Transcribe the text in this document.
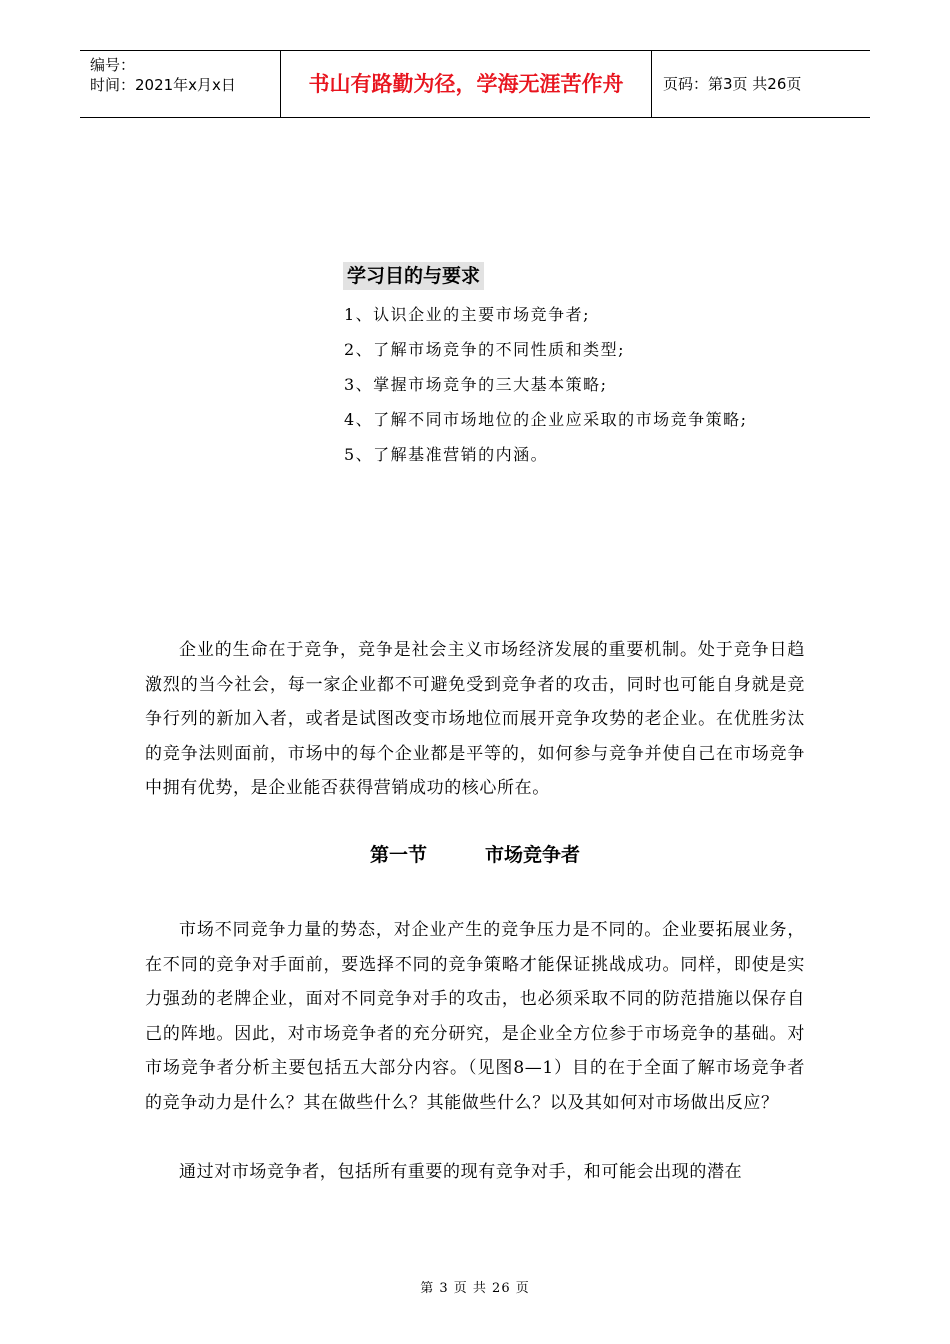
编号：
时间：2021年x月x日	书山有路勤为径，学海无涯苦作舟	页码：第3页 共26页
学习目的与要求
1、认识企业的主要市场竞争者;
2、了解市场竞争的不同性质和类型;
3、掌握市场竞争的三大基本策略;
4、了解不同市场地位的企业应采取的市场竞争策略;
5、了解基准营销的内涵。

企业的生命在于竞争，竞争是社会主义市场经济发展的重要机制。处于竞争日趋激烈的当今社会，每一家企业都不可避免受到竞争者的攻击，同时也可能自身就是竞争行列的新加入者，或者是试图改变市场地位而展开竞争攻势的老企业。在优胜劣汰的竞争法则面前，市场中的每个企业都是平等的，如何参与竞争并使自己在市场竞争中拥有优势，是企业能否获得营销成功的核心所在。

第一节	市场竞争者

市场不同竞争力量的势态，对企业产生的竞争压力是不同的。企业要拓展业务，在不同的竞争对手面前，要选择不同的竞争策略才能保证挑战成功。同样，即使是实力强劲的老牌企业，面对不同竞争对手的攻击，也必须采取不同的防范措施以保存自己的阵地。因此，对市场竞争者的充分研究，是企业全方位参于市场竞争的基础。对市场竞争者分析主要包括五大部分内容。（见图8—1）目的在于全面了解市场竞争者的竞争动力是什么？其在做些什么？其能做些什么？以及其如何对市场做出反应？

通过对市场竞争者，包括所有重要的现有竞争对手，和可能会出现的潜在

第 3 页 共 26 页
